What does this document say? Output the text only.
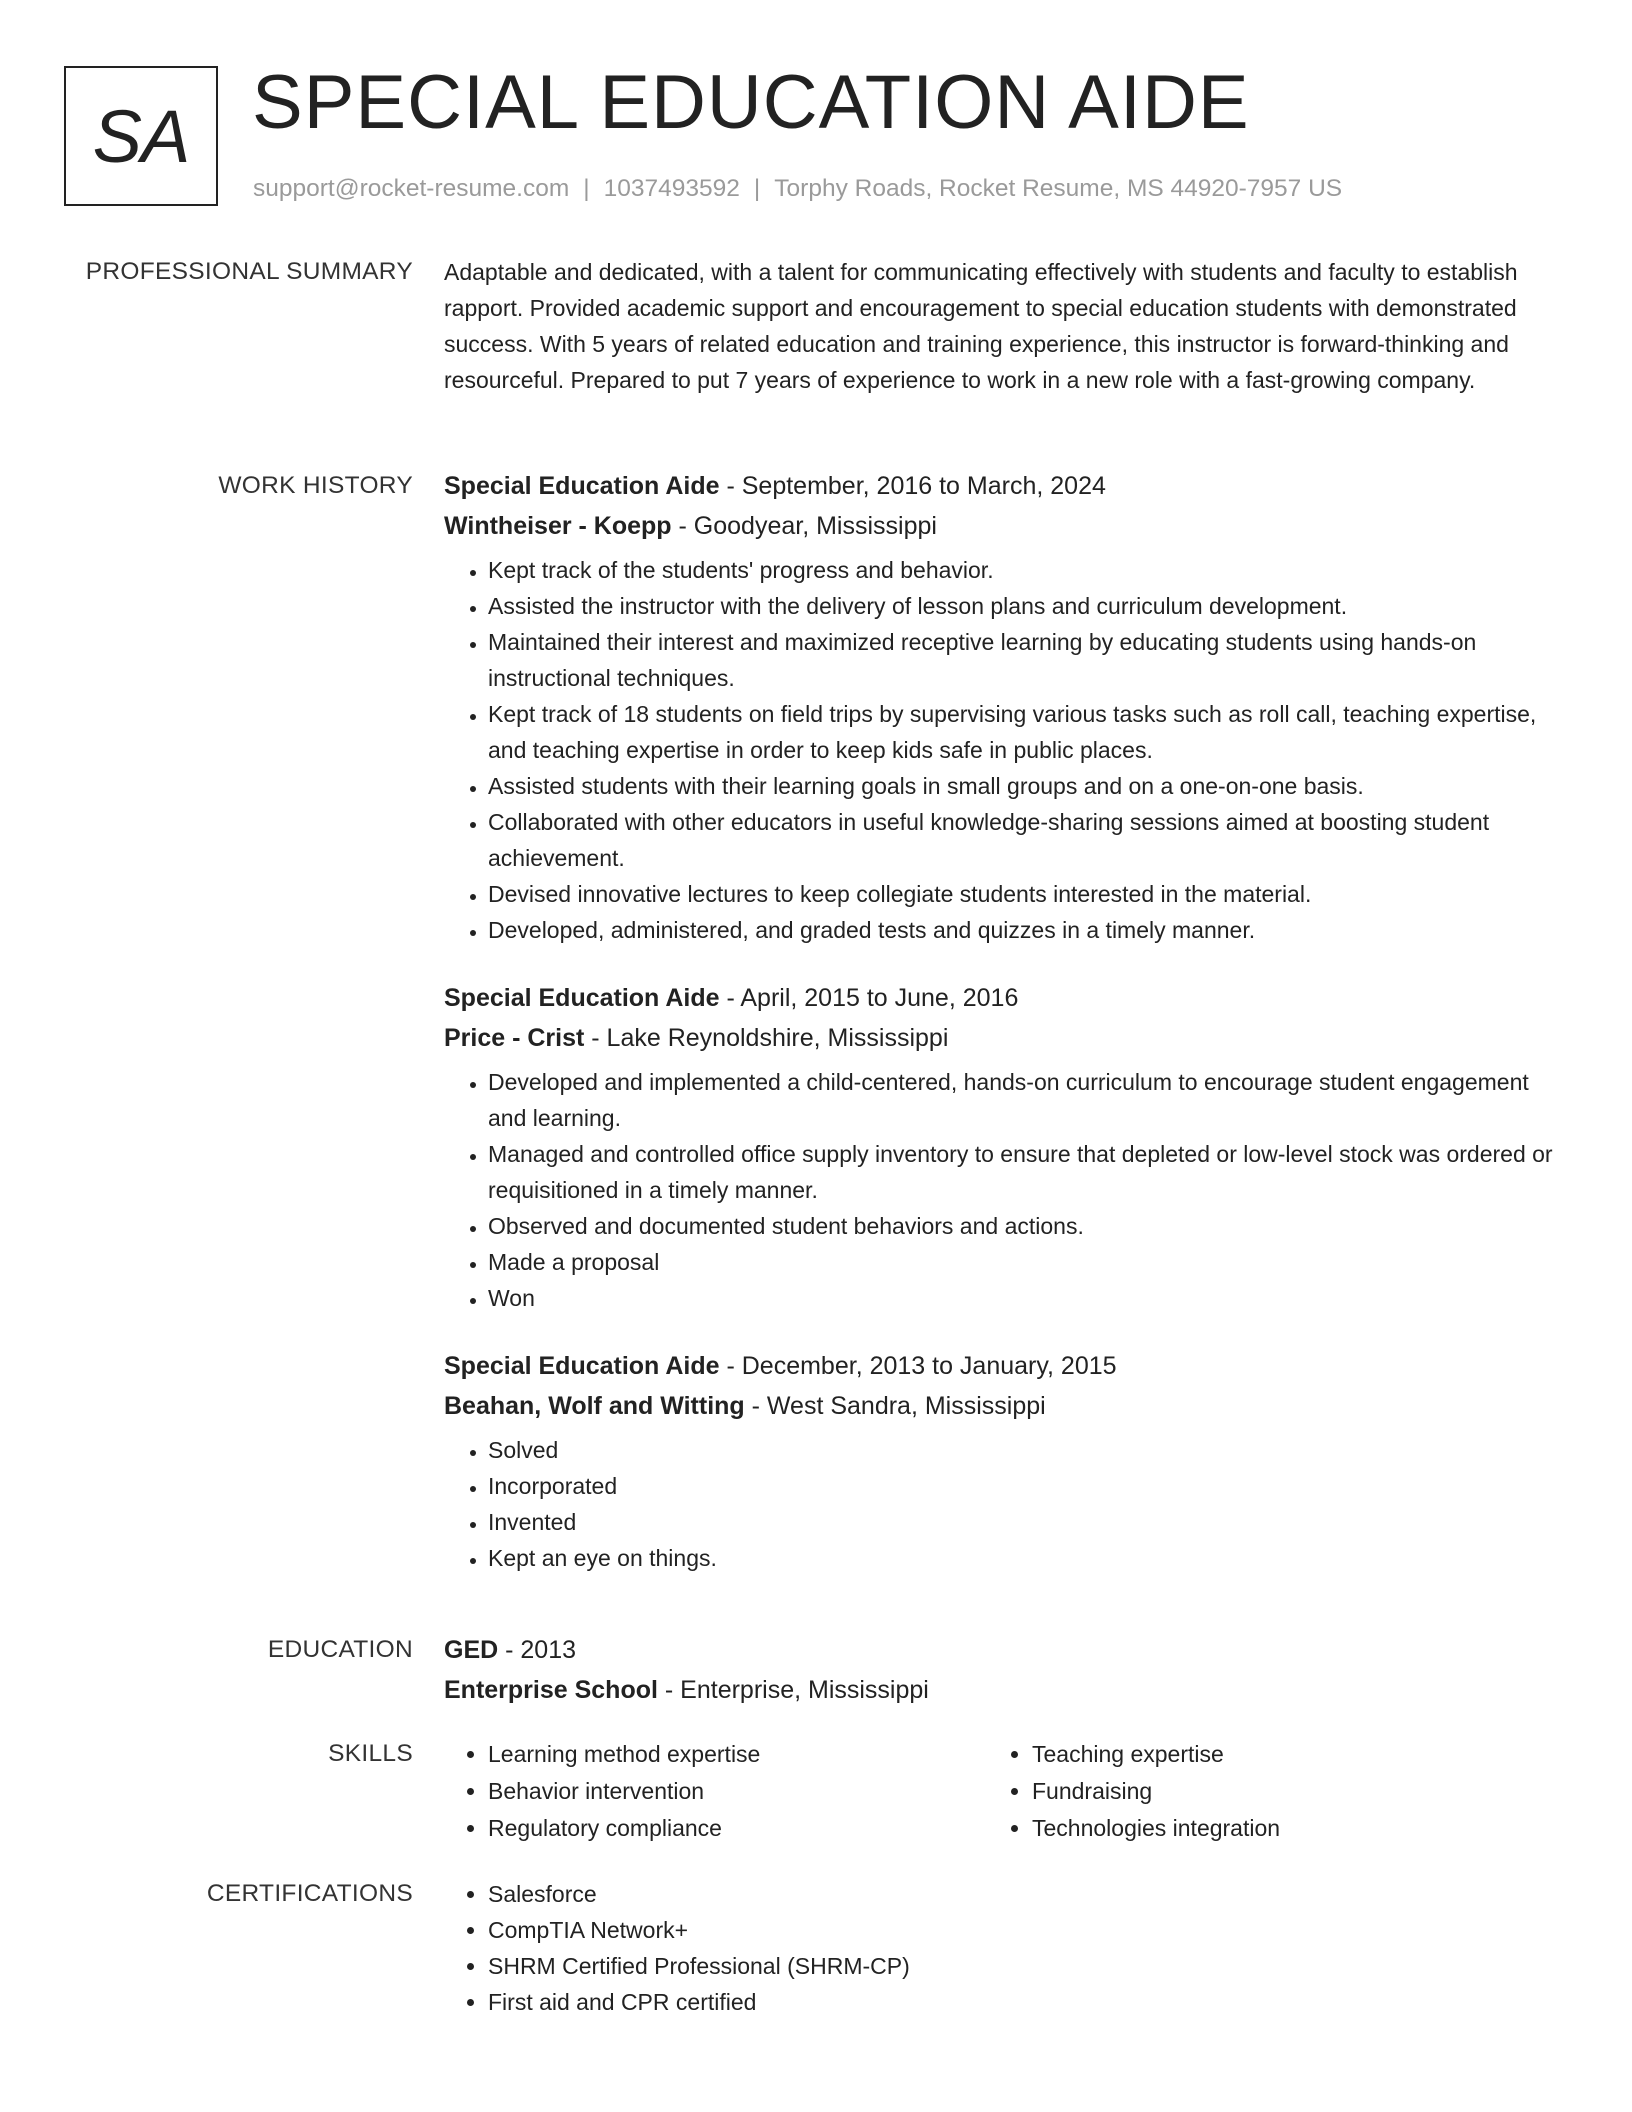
SA SPECIAL EDUCATION AIDE
support@rocket-resume.com | 1037493592 | Torphy Roads, Rocket Resume, MS 44920-7957 US
PROFESSIONAL SUMMARY Adaptable and dedicated, with a talent for communicating effectively with students and faculty to establish rapport. Provided academic support and encouragement to special education students with demonstrated success. With 5 years of related education and training experience, this instructor is forward-thinking and resourceful. Prepared to put 7 years of experience to work in a new role with a fast-growing company.

WORK HISTORY Special Education Aide - September, 2016 to March, 2024
Wintheiser - Koepp - Goodyear, Mississippi
• Kept track of the students' progress and behavior.
• Assisted the instructor with the delivery of lesson plans and curriculum development.
• Maintained their interest and maximized receptive learning by educating students using hands-on instructional techniques.
• Kept track of 18 students on field trips by supervising various tasks such as roll call, teaching expertise, and teaching expertise in order to keep kids safe in public places.
• Assisted students with their learning goals in small groups and on a one-on-one basis.
• Collaborated with other educators in useful knowledge-sharing sessions aimed at boosting student achievement.
• Devised innovative lectures to keep collegiate students interested in the material.
• Developed, administered, and graded tests and quizzes in a timely manner.
Special Education Aide - April, 2015 to June, 2016
Price - Crist - Lake Reynoldshire, Mississippi
• Developed and implemented a child-centered, hands-on curriculum to encourage student engagement and learning.
• Managed and controlled office supply inventory to ensure that depleted or low-level stock was ordered or requisitioned in a timely manner.
• Observed and documented student behaviors and actions.
• Made a proposal
• Won
Special Education Aide - December, 2013 to January, 2015
Beahan, Wolf and Witting - West Sandra, Mississippi
• Solved
• Incorporated
• Invented
• Kept an eye on things.
EDUCATION GED - 2013
Enterprise School - Enterprise, Mississippi
SKILLS	• Learning method expertise
• Behavior intervention
• Regulatory compliance
• Teaching expertise
• Fundraising
• Technologies integration
CERTIFICATIONS	• Salesforce
• CompTIA Network+
• SHRM Certified Professional (SHRM-CP)
• First aid and CPR certified
